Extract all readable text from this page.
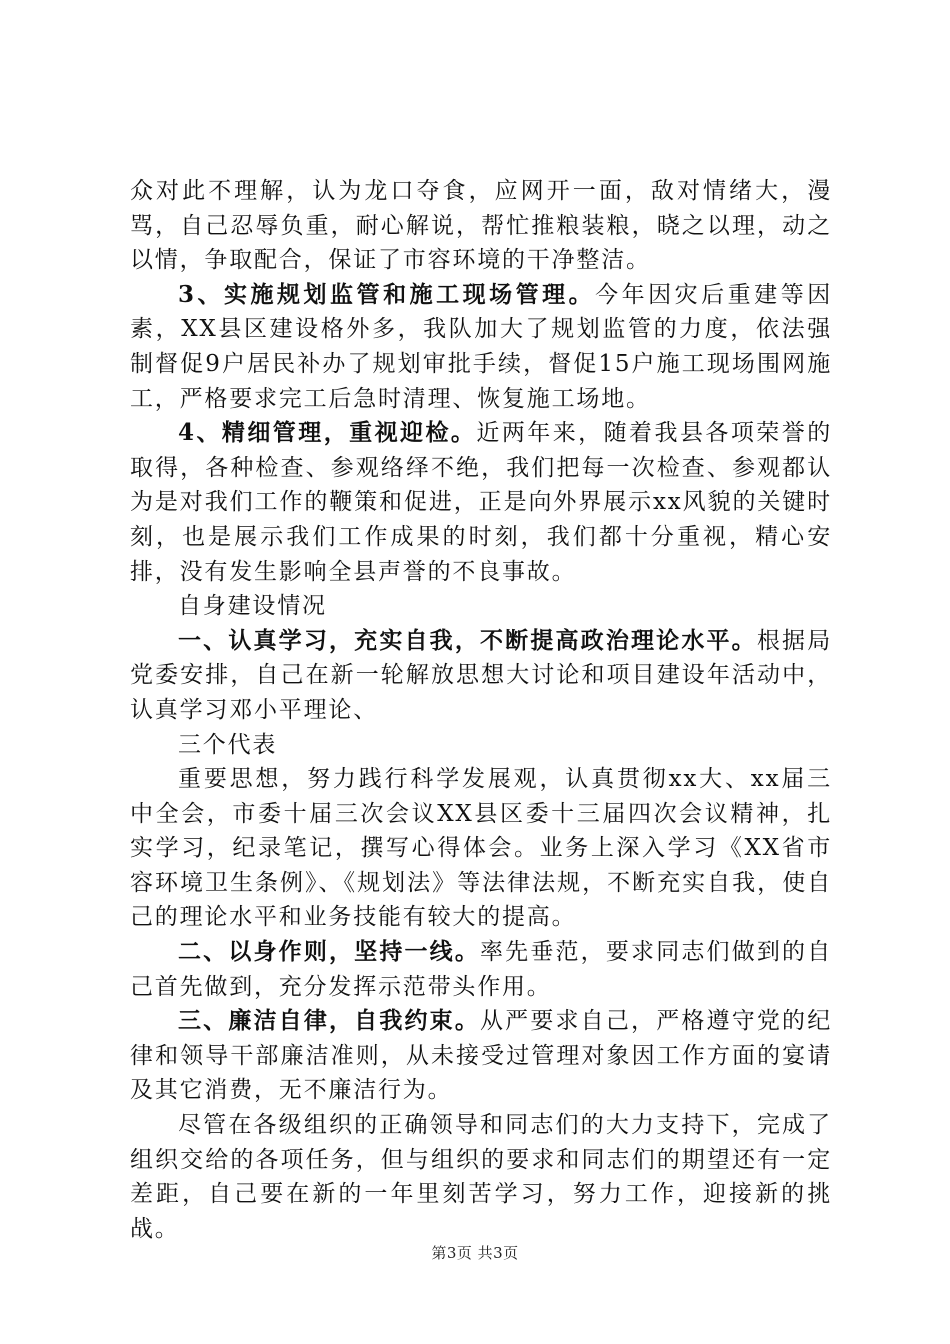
众对此不理解，认为龙口夺食，应网开一面，敌对情绪大，漫骂，自己忍辱负重，耐心解说，帮忙推粮装粮，晓之以理，动之以情，争取配合，保证了市容环境的干净整洁。

3、实施规划监管和施工现场管理。今年因灾后重建等因素，XX县区建设格外多，我队加大了规划监管的力度，依法强制督促9户居民补办了规划审批手续，督促15户施工现场围网施工，严格要求完工后急时清理、恢复施工场地。

4、精细管理，重视迎检。近两年来，随着我县各项荣誉的取得，各种检查、参观络绎不绝，我们把每一次检查、参观都认为是对我们工作的鞭策和促进，正是向外界展示xx风貌的关键时刻，也是展示我们工作成果的时刻，我们都十分重视，精心安排，没有发生影响全县声誉的不良事故。

自身建设情况

一、认真学习，充实自我，不断提高政治理论水平。根据局党委安排，自己在新一轮解放思想大讨论和项目建设年活动中，认真学习邓小平理论、

三个代表

重要思想，努力践行科学发展观，认真贯彻xx大、xx届三中全会，市委十届三次会议XX县区委十三届四次会议精神，扎实学习，纪录笔记，撰写心得体会。业务上深入学习《XX省市容环境卫生条例》、《规划法》等法律法规，不断充实自我，使自己的理论水平和业务技能有较大的提高。

二、以身作则，坚持一线。率先垂范，要求同志们做到的自己首先做到，充分发挥示范带头作用。

三、廉洁自律，自我约束。从严要求自己，严格遵守党的纪律和领导干部廉洁准则，从未接受过管理对象因工作方面的宴请及其它消费，无不廉洁行为。

尽管在各级组织的正确领导和同志们的大力支持下，完成了组织交给的各项任务，但与组织的要求和同志们的期望还有一定差距，自己要在新的一年里刻苦学习，努力工作，迎接新的挑战。

第3页 共3页
